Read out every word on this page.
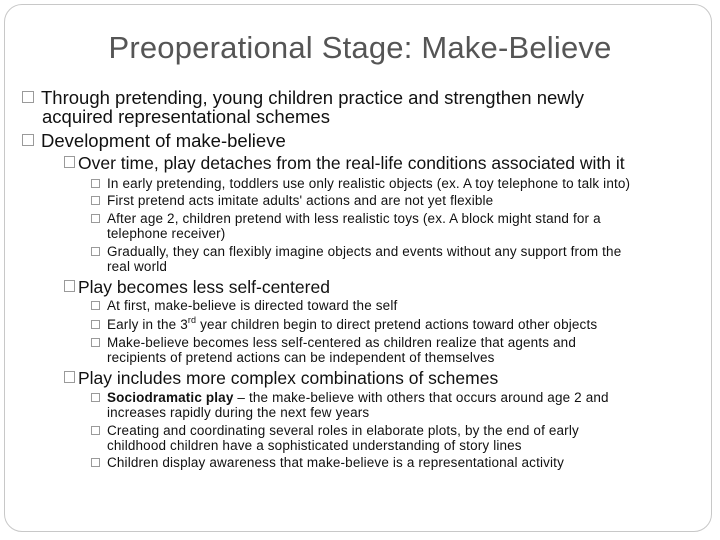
Preoperational Stage: Make-Believe
Through pretending, young children practice and strengthen newly
acquired representational schemes
Development of make-believe
Over time, play detaches from the real-life conditions associated with it
In early pretending, toddlers use only realistic objects (ex. A toy telephone to talk into)
First pretend acts imitate adults' actions and are not yet flexible
After age 2, children pretend with less realistic toys (ex. A block might stand for a
telephone receiver)
Gradually, they can flexibly imagine objects and events without any support from the
real world
Play becomes less self-centered
At first, make-believe is directed toward the self
Early in the 3rd year children begin to direct pretend actions toward other objects
Make-believe becomes less self-centered as children realize that agents and
recipients of pretend actions can be independent of themselves
Play includes more complex combinations of schemes
Sociodramatic play – the make-believe with others that occurs around age 2 and
increases rapidly during the next few years
Creating and coordinating several roles in elaborate plots, by the end of early
childhood children have a sophisticated understanding of story lines
Children display awareness that make-believe is a representational activity
